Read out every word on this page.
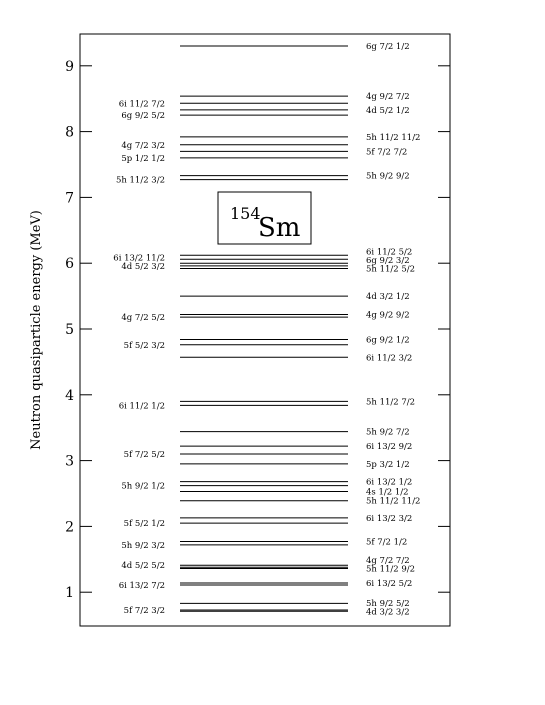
1
2
3
4
5
6
7
8
9
5f 7/2 3/2
6i 13/2 7/2
4d 5/2 5/2
5h 9/2 3/2
5f 5/2 1/2
5h 9/2 1/2
5f 7/2 5/2
6i 11/2 1/2
5f 5/2 3/2
4g 7/2 5/2
4d 5/2 3/2
6i 13/2 11/2
5h 11/2 3/2
5p 1/2 1/2
4g 7/2 3/2
6g 9/2 5/2
6i 11/2 7/2
4d 3/2 3/2
5h 9/2 5/2
6i 13/2 5/2
5h 11/2 9/2
4g 7/2 7/2
5f 7/2 1/2
6i 13/2 3/2
5h 11/2 11/2
4s 1/2 1/2
6i 13/2 1/2
5p 3/2 1/2
6i 13/2 9/2
5h 9/2 7/2
5h 11/2 7/2
6i 11/2 3/2
6g 9/2 1/2
4g 9/2 9/2
4d 3/2 1/2
5h 11/2 5/2
6g 9/2 3/2
6i 11/2 5/2
5h 9/2 9/2
5f 7/2 7/2
5h 11/2 11/2
4d 5/2 1/2
4g 9/2 7/2
6g 7/2 1/2
154
Sm
Neutron quasiparticle energy (MeV)
